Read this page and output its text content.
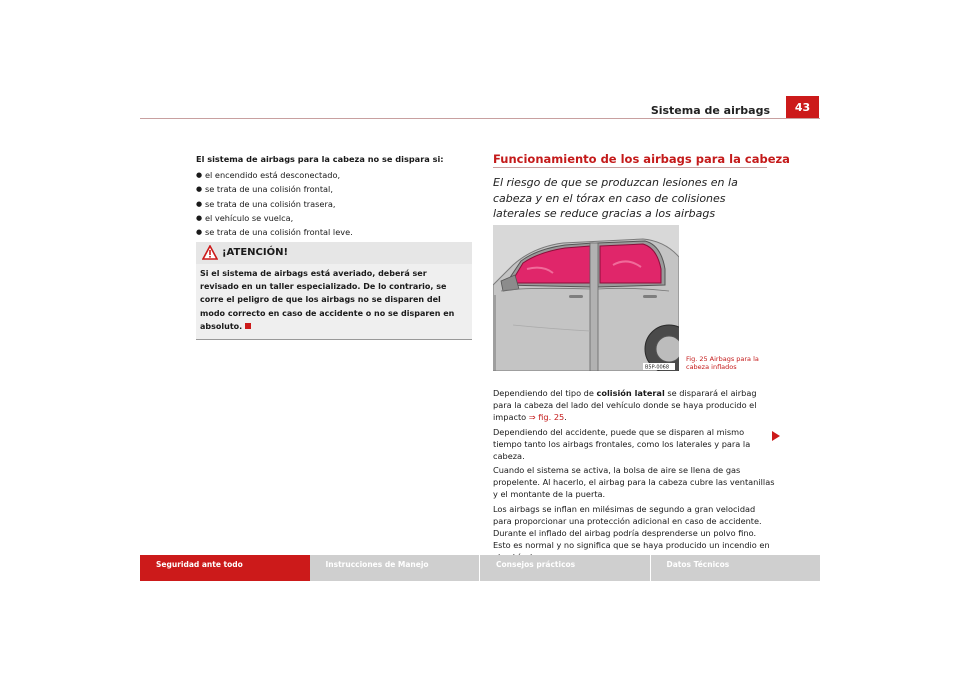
Sistema de airbags	43

El sistema de airbags para la cabeza no se dispara si:

● el encendido está desconectado,
● se trata de una colisión frontal,
● se trata de una colisión trasera,
● el vehículo se vuelca,
● se trata de una colisión frontal leve.
¡ATENCIÓN!
Si el sistema de airbags está averiado, deberá ser revisado en un taller especializado. De lo contrario, se corre el peligro de que los airbags no se disparen del modo correcto en caso de accidente o no se disparen en absoluto.
Funcionamiento de los airbags para la cabeza
El riesgo de que se produzcan lesiones en la cabeza y en el tórax en caso de colisiones laterales se reduce gracias a los airbags
B5P-0068
Fig. 25 Airbags para la cabeza inflados

Dependiendo del tipo de colisión lateral se disparará el airbag para la cabeza del lado del vehículo donde se haya producido el impacto ⇒ fig. 25.

Dependiendo del accidente, puede que se disparen al mismo tiempo tanto los airbags frontales, como los laterales y para la cabeza.

Cuando el sistema se activa, la bolsa de aire se llena de gas propelente. Al hacerlo, el airbag para la cabeza cubre las ventanillas y el montante de la puerta.

Los airbags se inflan en milésimas de segundo a gran velocidad para proporcionar una protección adicional en caso de accidente. Durante el inflado del airbag podría desprenderse un polvo fino. Esto es normal y no significa que se haya producido un incendio en

Seguridad ante todo	Instrucciones de Manejo	Consejos prácticos	Datos Técnicos
